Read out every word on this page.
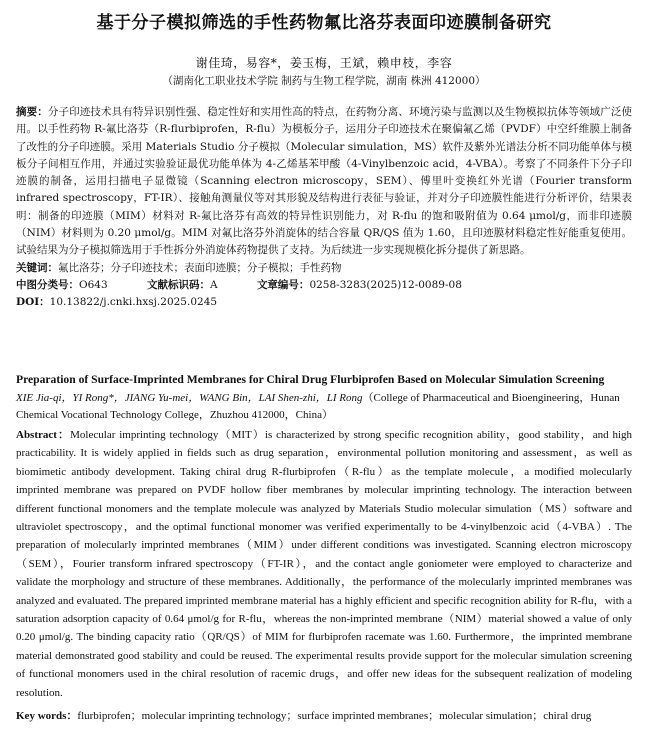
基于分子模拟筛选的手性药物氟比洛芬表面印迹膜制备研究
谢佳琦，易容*，姜玉梅，王斌，赖申枝，李容
（湖南化工职业技术学院 制药与生物工程学院，湖南 株洲 412000）

摘要：分子印迹技术具有特异识别性强、稳定性好和实用性高的特点，在药物分离、环境污染与监测以及生物模拟抗体等领域广泛使用。以手性药物 R-氟比洛芬（R-flurbiprofen，R-flu）为模板分子，运用分子印迹技术在聚偏氟乙烯（PVDF）中空纤维膜上制备了改性的分子印迹膜。采用 Materials Studio 分子模拟（Molecular simulation，MS）软件及紫外光谱法分析不同功能单体与模板分子间相互作用，并通过实验验证最优功能单体为 4-乙烯基苯甲酸（4-Vinylbenzoic acid，4-VBA）。考察了不同条件下分子印迹膜的制备，运用扫描电子显微镜（Scanning electron microscopy，SEM）、傅里叶变换红外光谱（Fourier transform infrared spectroscopy，FT-IR）、接触角测量仪等对其形貌及结构进行表征与验证，并对分子印迹膜性能进行分析评价，结果表明：制备的印迹膜（MIM）材料对 R-氟比洛芬有高效的特异性识别能力，对 R-flu 的饱和吸附值为 0.64 μmol/g，而非印迹膜（NIM）材料则为 0.20 μmol/g。MIM 对氟比洛芬外消旋体的结合容量 QR/QS 值为 1.60，且印迹膜材料稳定性好能重复使用。试验结果为分子模拟筛选用于手性拆分外消旋体药物提供了支持。为后续进一步实现规模化拆分提供了新思路。

关键词：氟比洛芬；分子印迹技术；表面印迹膜；分子模拟；手性药物

中图分类号：O643	文献标识码：A	文章编号：0258-3283(2025)12-0089-08

DOI：10.13822/j.cnki.hxsj.2025.0245

Preparation of Surface-Imprinted Membranes for Chiral Drug Flurbiprofen Based on Molecular Simulation Screening
XIE Jia-qi，YI Rong*，JIANG Yu-mei，WANG Bin，LAI Shen-zhi，LI Rong（College of Pharmaceutical and Bioengineering，Hunan Chemical Vocational Technology College，Zhuzhou 412000，China）

Abstract：Molecular imprinting technology（MIT）is characterized by strong specific recognition ability，good stability，and high practicability. It is widely applied in fields such as drug separation，environmental pollution monitoring and assessment，as well as biomimetic antibody development. Taking chiral drug R-flurbiprofen（R-flu）as the template molecule，a modified molecularly imprinted membrane was prepared on PVDF hollow fiber membranes by molecular imprinting technology. The interaction between different functional monomers and the template molecule was analyzed by Materials Studio molecular simulation（MS）software and ultraviolet spectroscopy，and the optimal functional monomer was verified experimentally to be 4-vinylbenzoic acid（4-VBA）. The preparation of molecularly imprinted membranes（MIM）under different conditions was investigated. Scanning electron microscopy（SEM），Fourier transform infrared spectroscopy（FT-IR），and the contact angle goniometer were employed to characterize and validate the morphology and structure of these membranes. Additionally，the performance of the molecularly imprinted membranes was analyzed and evaluated. The prepared imprinted membrane material has a highly efficient and specific recognition ability for R-flu，with a saturation adsorption capacity of 0.64 μmol/g for R-flu，whereas the non-imprinted membrane（NIM）material showed a value of only 0.20 μmol/g. The binding capacity ratio（QR/QS）of MIM for flurbiprofen racemate was 1.60. Furthermore，the imprinted membrane material demonstrated good stability and could be reused. The experimental results provide support for the molecular simulation screening of functional monomers used in the chiral resolution of racemic drugs，and offer new ideas for the subsequent realization of modeling resolution.

Key words：flurbiprofen；molecular imprinting technology；surface imprinted membranes；molecular simulation；chiral drug
